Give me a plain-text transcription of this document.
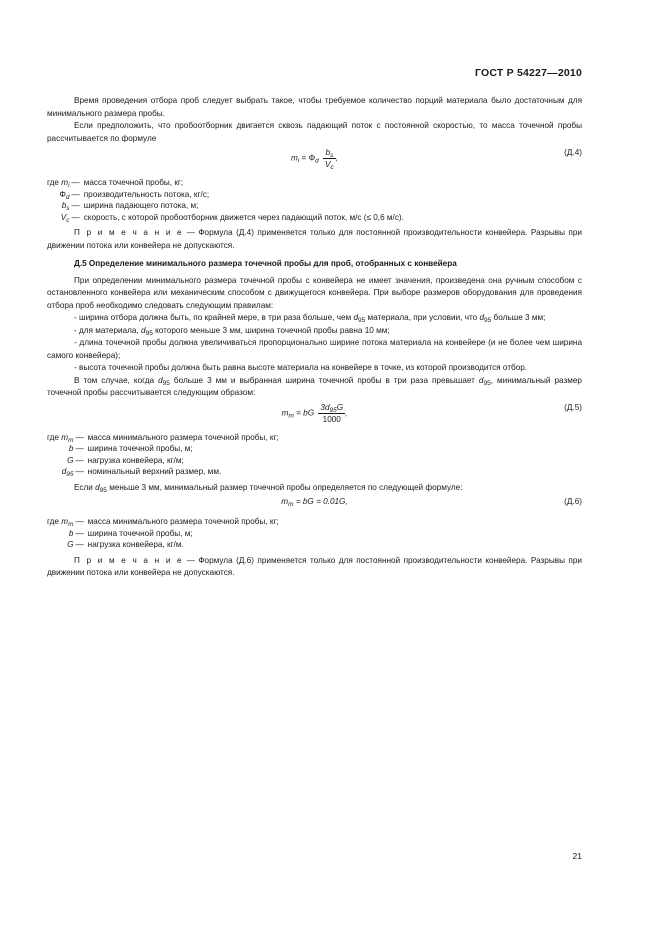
ГОСТ Р 54227—2010

Время проведения отбора проб следует выбрать такое, чтобы требуемое количество порций материала было достаточным для минимального размера пробы.

Если предположить, что пробоотборник двигается сквозь падающий поток с постоянной скоростью, то масса точечной пробы рассчитывается по формуле

$m_i = \Phi_d \frac{b_s}{V_c}$ ,
(Д.4)
где $m_i$	—	масса точечной пробы, кг;
$\Phi_d$	—	производительность потока, кг/с;
$b_s$	—	ширина падающего потока, м;
$V_c$	—	скорость, с которой пробоотборник движется через падающий поток, м/с (≤ 0,6 м/с).

П р и м е ч а н и е — Формула (Д.4) применяется только для постоянной производительности конвейера. Разрывы при движении потока или конвейера не допускаются.

Д.5 Определение минимального размера точечной пробы для проб, отобранных с конвейера

При определении минимального размера точечной пробы с конвейера не имеет значения, произведена она ручным способом с остановленного конвейера или механическим способом с движущегося конвейера. При выборе размеров оборудования для проведения отбора проб необходимо следовать следующим правилам:

- ширина отбора должна быть, по крайней мере, в три раза больше, чем $d_{95}$ материала, при условии, что $d_{95}$ больше 3 мм;

- для материала, $d_{95}$ которого меньше 3 мм, ширина точечной пробы равна 10 мм;

- длина точечной пробы должна увеличиваться пропорционально ширине потока материала на конвейере (и не более чем ширина самого конвейера);

- высота точечной пробы должна быть равна высоте материала на конвейере в точке, из которой производится отбор.

В том случае, когда $d_{95}$ больше 3 мм и выбранная ширина точечной пробы в три раза превышает $d_{95}$, минимальный размер точечной пробы рассчитывается следующим образом:

$m_m$ = bG $\frac{3d_{95}G}{1000}$ ,
(Д.5)
где $m_m$	—	масса минимального размера точечной пробы, кг;
b	—	ширина точечной пробы, м;
G	—	нагрузка конвейера, кг/м;
$d_{95}$	—	номинальный верхний размер, мм.

Если $d_{95}$ меньше 3 мм, минимальный размер точечной пробы определяется по следующей формуле:

$m_m$ = bG = 0.01G,	(Д.6)
где $m_m$	—	масса минимального размера точечной пробы, кг;
b	—	ширина точечной пробы, м;
G	—	нагрузка конвейера, кг/м.

П р и м е ч а н и е — Формула (Д.6) применяется только для постоянной производительности конвейера. Разрывы при движении потока или конвейера не допускаются.

21
